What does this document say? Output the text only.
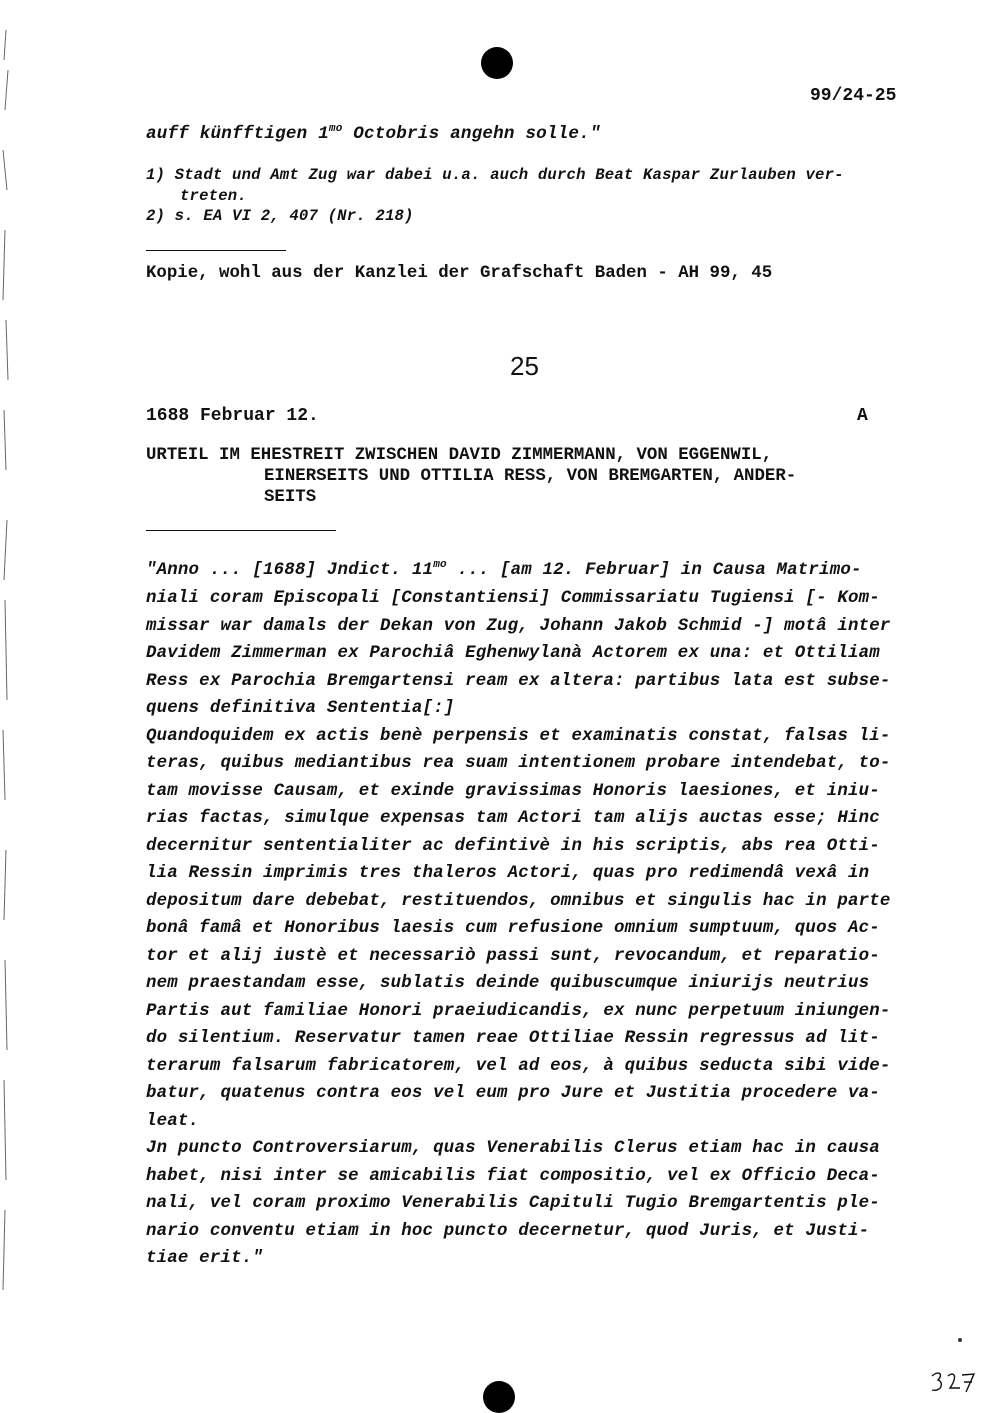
99/24-25
auff künfftigen $1^{mo}$ Octobris angehn solle."
1) Stadt und Amt Zug war dabei u.a. auch durch Beat Kaspar Zurlauben ver-
treten.
2) s. EA VI 2, 407 (Nr. 218)
Kopie, wohl aus der Kanzlei der Grafschaft Baden - AH 99, 45
25
1688 Februar 12.	A
URTEIL IM EHESTREIT ZWISCHEN DAVID ZIMMERMANN, VON EGGENWIL,
EINERSEITS UND OTTILIA RESS, VON BREMGARTEN, ANDER-
SEITS
"Anno ... [1688] Jndict. $11^{mo}$ ... [am 12. Februar] in Causa Matrimo-
niali coram Episcopali [Constantiensi] Commissariatu Tugiensi [- Kom-
missar war damals der Dekan von Zug, Johann Jakob Schmid -] motâ inter
Davidem Zimmerman ex Parochiâ Eghenwylanà Actorem ex una: et Ottiliam
Ress ex Parochia Bremgartensi ream ex altera: partibus lata est subse-
quens definitiva Sententia[:]
Quandoquidem ex actis benè perpensis et examinatis constat, falsas li-
teras, quibus mediantibus rea suam intentionem probare intendebat, to-
tam movisse Causam, et exinde gravissimas Honoris laesiones, et iniu-
rias factas, simulque expensas tam Actori tam alijs auctas esse; Hinc
decernitur sententialiter ac defintivè in his scriptis, abs rea Otti-
lia Ressin imprimis tres thaleros Actori, quas pro redimendâ vexâ in
depositum dare debebat, restituendos, omnibus et singulis hac in parte
bonâ famâ et Honoribus laesis cum refusione omnium sumptuum, quos Ac-
tor et alij iustè et necessariò passi sunt, revocandum, et reparatio-
nem praestandam esse, sublatis deinde quibuscumque iniurijs neutrius
Partis aut familiae Honori praeiudicandis, ex nunc perpetuum iniungen-
do silentium. Reservatur tamen reae Ottiliae Ressin regressus ad lit-
terarum falsarum fabricatorem, vel ad eos, à quibus seducta sibi vide-
batur, quatenus contra eos vel eum pro Jure et Justitia procedere va-
leat.
Jn puncto Controversiarum, quas Venerabilis Clerus etiam hac in causa
habet, nisi inter se amicabilis fiat compositio, vel ex Officio Deca-
nali, vel coram proximo Venerabilis Capituli Tugio Bremgartentis ple-
nario conventu etiam in hoc puncto decernetur, quod Juris, et Justi-
tiae erit."
